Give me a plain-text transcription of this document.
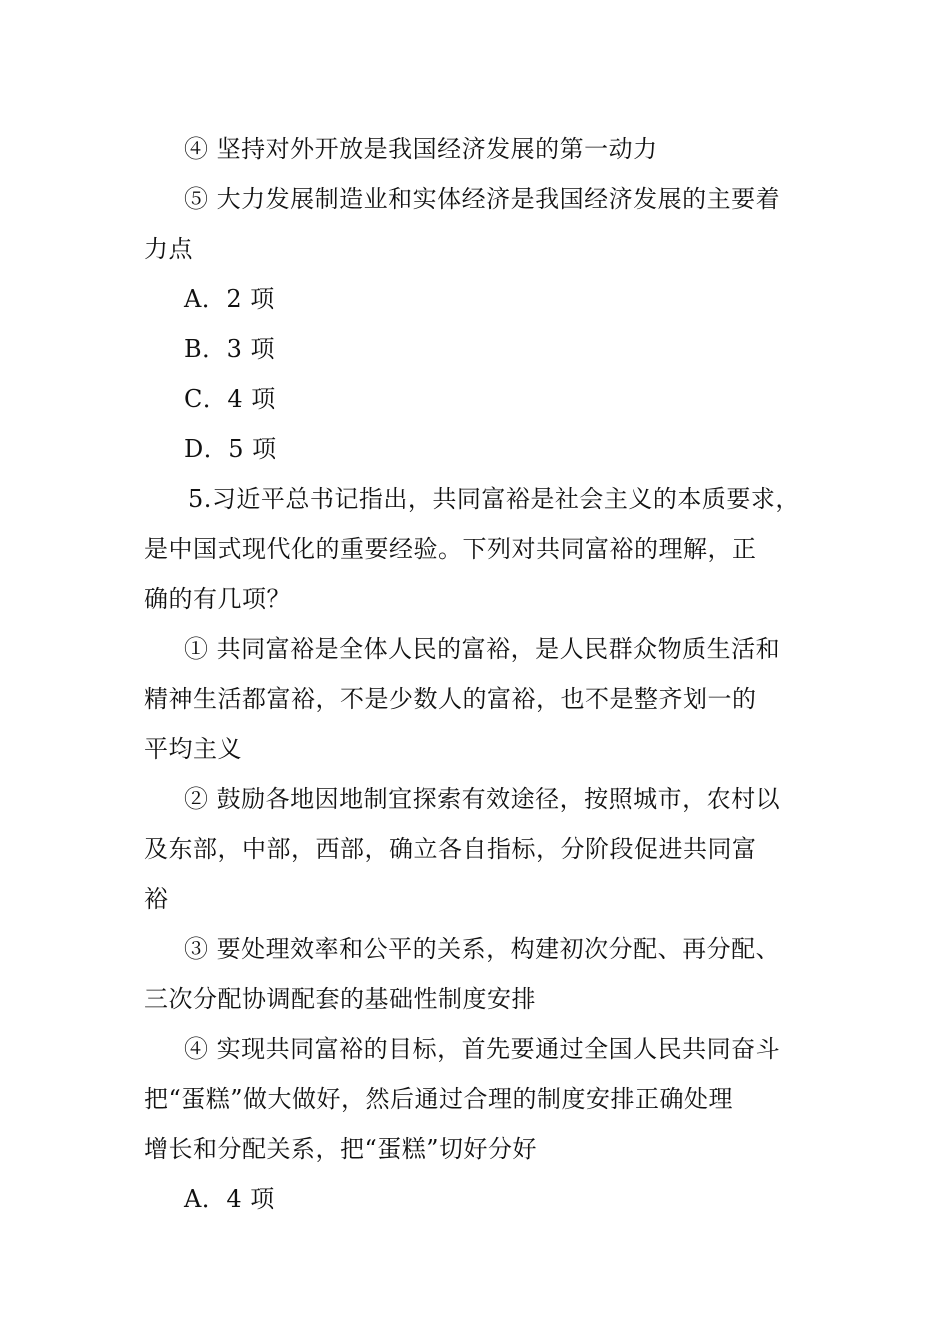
④ 坚持对外开放是我国经济发展的第一动力
⑤ 大力发展制造业和实体经济是我国经济发展的主要着
力点
A．2 项
B．3 项
C．4 项
D．5 项
5.习近平总书记指出，共同富裕是社会主义的本质要求，
是中国式现代化的重要经验。下列对共同富裕的理解，正
确的有几项？
① 共同富裕是全体人民的富裕，是人民群众物质生活和
精神生活都富裕，不是少数人的富裕，也不是整齐划一的
平均主义
② 鼓励各地因地制宜探索有效途径，按照城市，农村以
及东部，中部，西部，确立各自指标，分阶段促进共同富
裕
③ 要处理效率和公平的关系，构建初次分配、再分配、
三次分配协调配套的基础性制度安排
④ 实现共同富裕的目标，首先要通过全国人民共同奋斗
把“蛋糕”做大做好，然后通过合理的制度安排正确处理
增长和分配关系，把“蛋糕”切好分好
A．4 项
